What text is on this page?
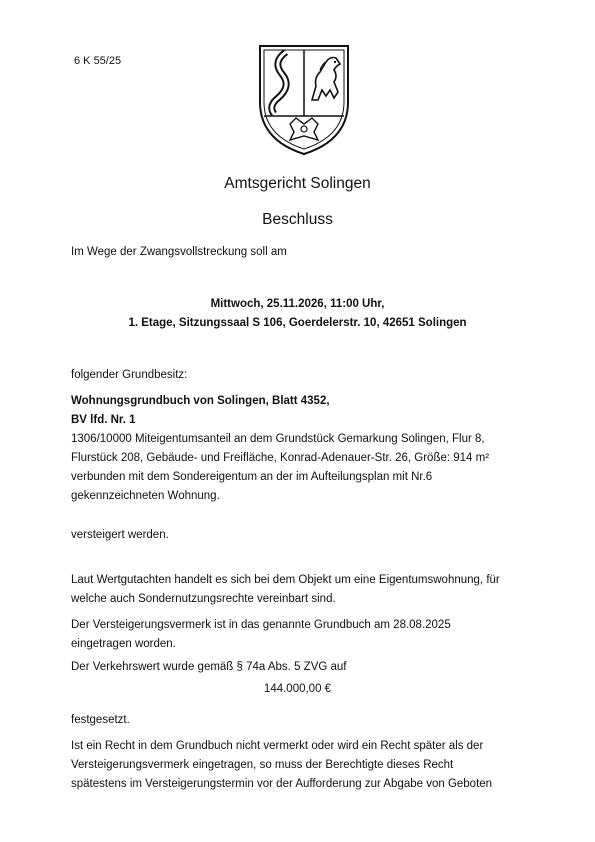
6 K 55/25
Amtsgericht Solingen
Beschluss
Im Wege der Zwangsvollstreckung soll am
Mittwoch, 25.11.2026, 11:00 Uhr,
1. Etage, Sitzungssaal S 106, Goerdelerstr. 10, 42651 Solingen
folgender Grundbesitz:
Wohnungsgrundbuch von Solingen, Blatt 4352,
BV lfd. Nr. 1
1306/10000 Miteigentumsanteil an dem Grundstück Gemarkung Solingen, Flur 8,
Flurstück 208, Gebäude- und Freifläche, Konrad-Adenauer-Str. 26, Größe: 914 m²
verbunden mit dem Sondereigentum an der im Aufteilungsplan mit Nr.6
gekennzeichneten Wohnung.
versteigert werden.
Laut Wertgutachten handelt es sich bei dem Objekt um eine Eigentumswohnung, für
welche auch Sondernutzungsrechte vereinbart sind.
Der Versteigerungsvermerk ist in das genannte Grundbuch am 28.08.2025
eingetragen worden.
Der Verkehrswert wurde gemäß § 74a Abs. 5 ZVG auf
144.000,00 €
festgesetzt.
Ist ein Recht in dem Grundbuch nicht vermerkt oder wird ein Recht später als der
Versteigerungsvermerk eingetragen, so muss der Berechtigte dieses Recht
spätestens im Versteigerungstermin vor der Aufforderung zur Abgabe von Geboten
